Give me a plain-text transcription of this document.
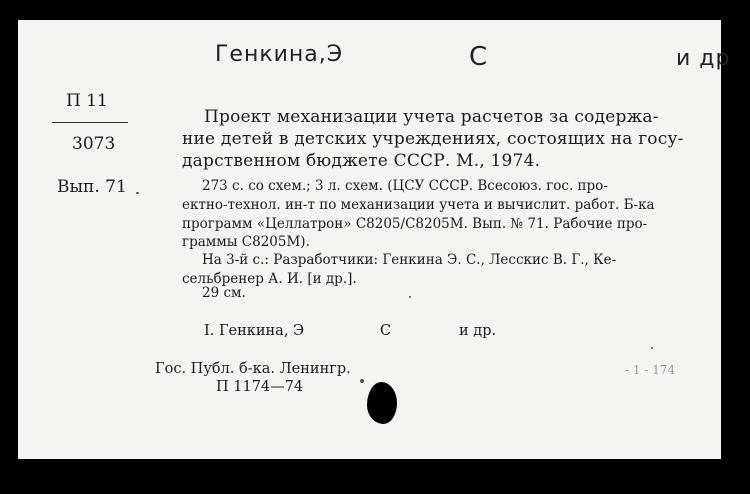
Генкина,Э	С	и др
П 11
3073
Вып. 71
Проект механизации учета расчетов за содержа-
ние детей в детских учреждениях, состоящих на госу-
дарственном бюджете СССР. М., 1974.
273 с. со схем.; 3 л. схем. (ЦСУ СССР. Всесоюз. гос. про-
ектно-технол. ин-т по механизации учета и вычислит. работ. Б-ка
программ «Целлатрон» С8205/С8205М. Вып. № 71. Рабочие про-
граммы С8205М).
На 3-й с.: Разработчики: Генкина Э. С., Лесскис В. Г., Ке-
сельбренер А. И. [и др.].
29 см.
I. Генкина, Э	С	и др.
Гос. Публ. б-ка. Ленингр.
П 1174—74
- 1 - 174
